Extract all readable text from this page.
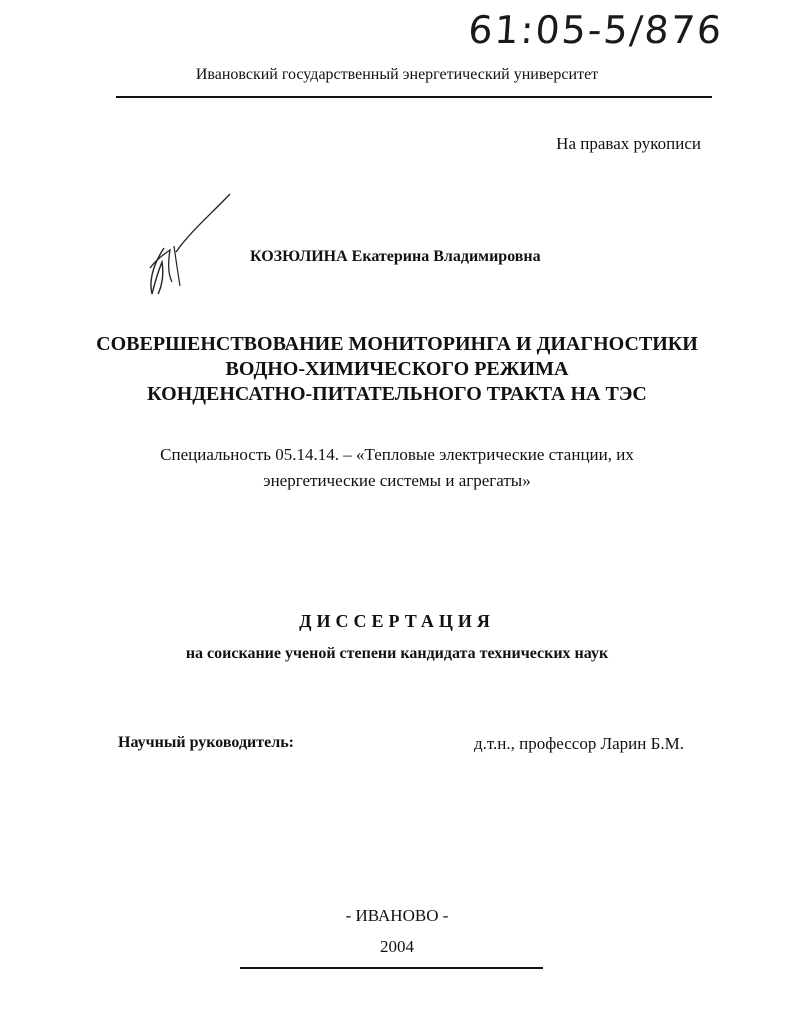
61:05-5/876
Ивановский государственный энергетический университет
На правах рукописи
КОЗЮЛИНА Екатерина Владимировна
СОВЕРШЕНСТВОВАНИЕ МОНИТОРИНГА И ДИАГНОСТИКИ
ВОДНО-ХИМИЧЕСКОГО РЕЖИМА
КОНДЕНСАТНО-ПИТАТЕЛЬНОГО ТРАКТА НА ТЭС
Специальность 05.14.14. – «Тепловые электрические станции, их
энергетические системы и агрегаты»
ДИССЕРТАЦИЯ
на соискание ученой степени кандидата технических наук
Научный руководитель:	д.т.н., профессор Ларин Б.М.
- ИВАНОВО -
2004
